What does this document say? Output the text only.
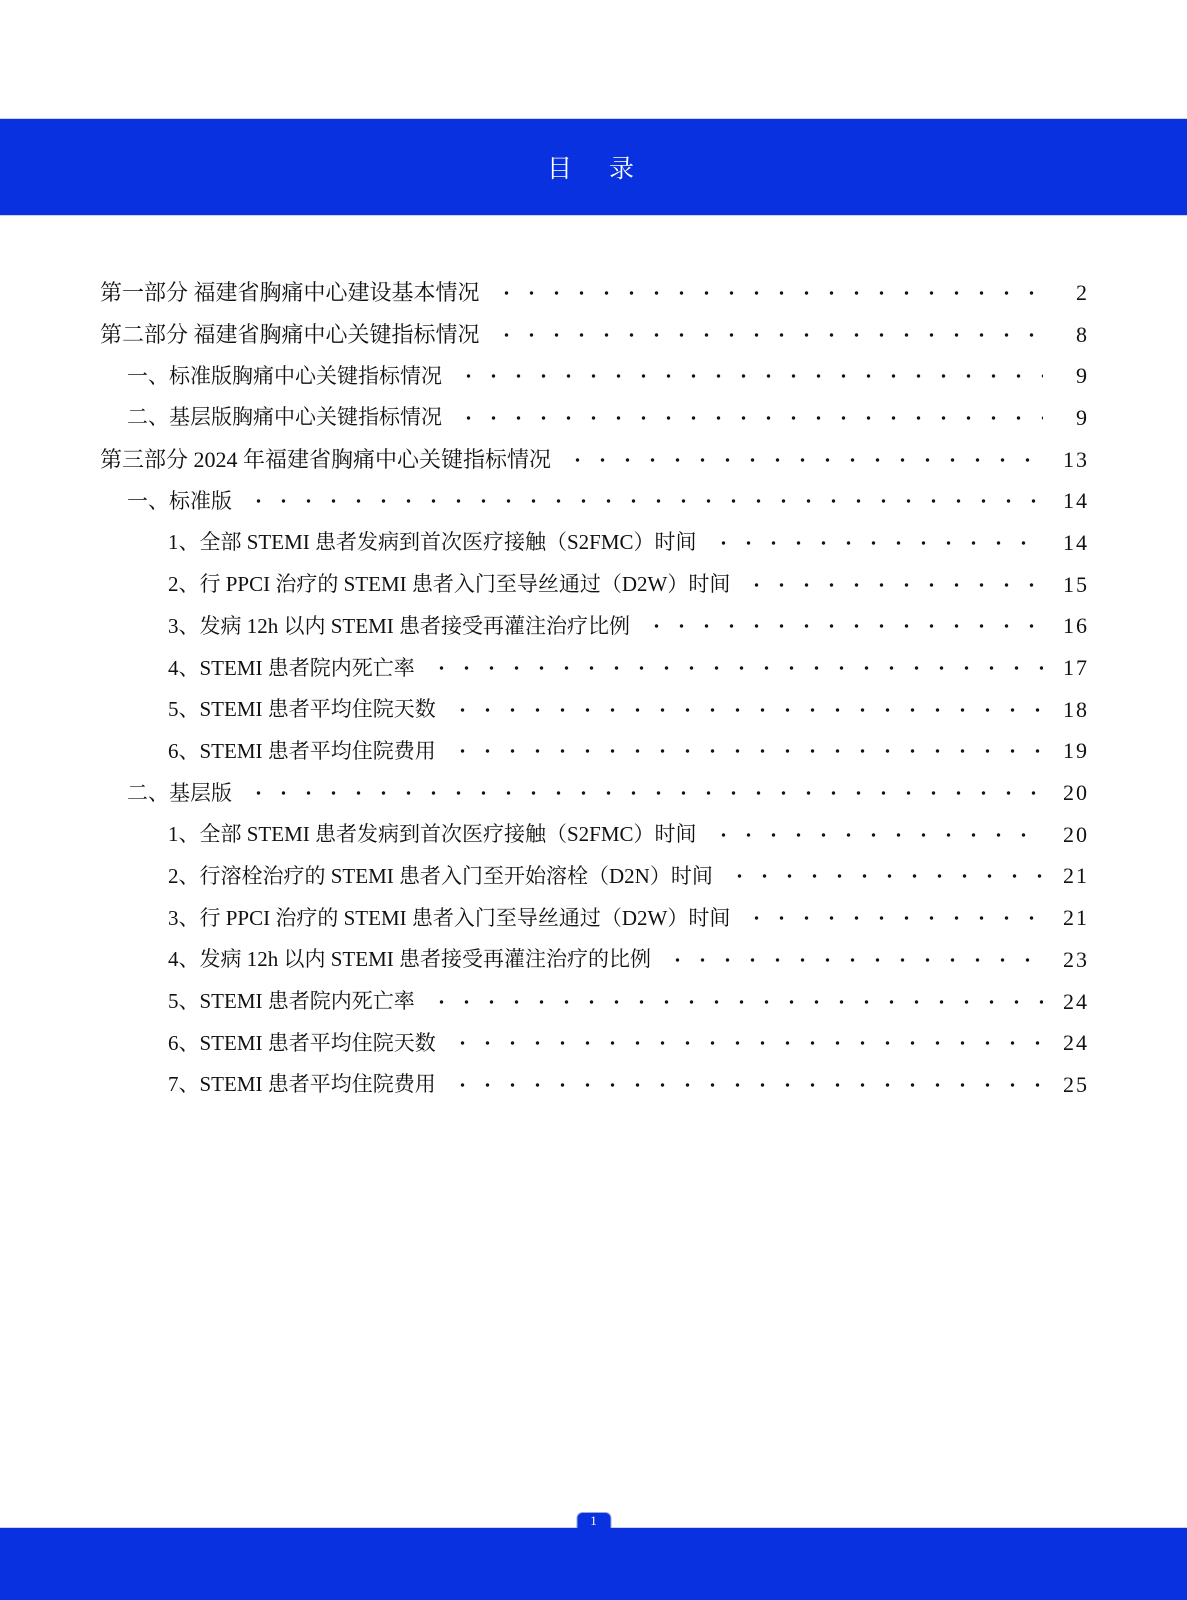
目　录
第一部分 福建省胸痛中心建设基本情况	2
第二部分 福建省胸痛中心关键指标情况	8
一、标准版胸痛中心关键指标情况	9
二、基层版胸痛中心关键指标情况	9
第三部分 2024 年福建省胸痛中心关键指标情况	13
一、标准版	14
1、全部 STEMI 患者发病到首次医疗接触（S2FMC）时间	14
2、行 PPCI 治疗的 STEMI 患者入门至导丝通过（D2W）时间	15
3、发病 12h 以内 STEMI 患者接受再灌注治疗比例	16
4、STEMI 患者院内死亡率	17
5、STEMI 患者平均住院天数	18
6、STEMI 患者平均住院费用	19
二、基层版	20
1、全部 STEMI 患者发病到首次医疗接触（S2FMC）时间	20
2、行溶栓治疗的 STEMI 患者入门至开始溶栓（D2N）时间	21
3、行 PPCI 治疗的 STEMI 患者入门至导丝通过（D2W）时间	21
4、发病 12h 以内 STEMI 患者接受再灌注治疗的比例	23
5、STEMI 患者院内死亡率	24
6、STEMI 患者平均住院天数	24
7、STEMI 患者平均住院费用	25
1
